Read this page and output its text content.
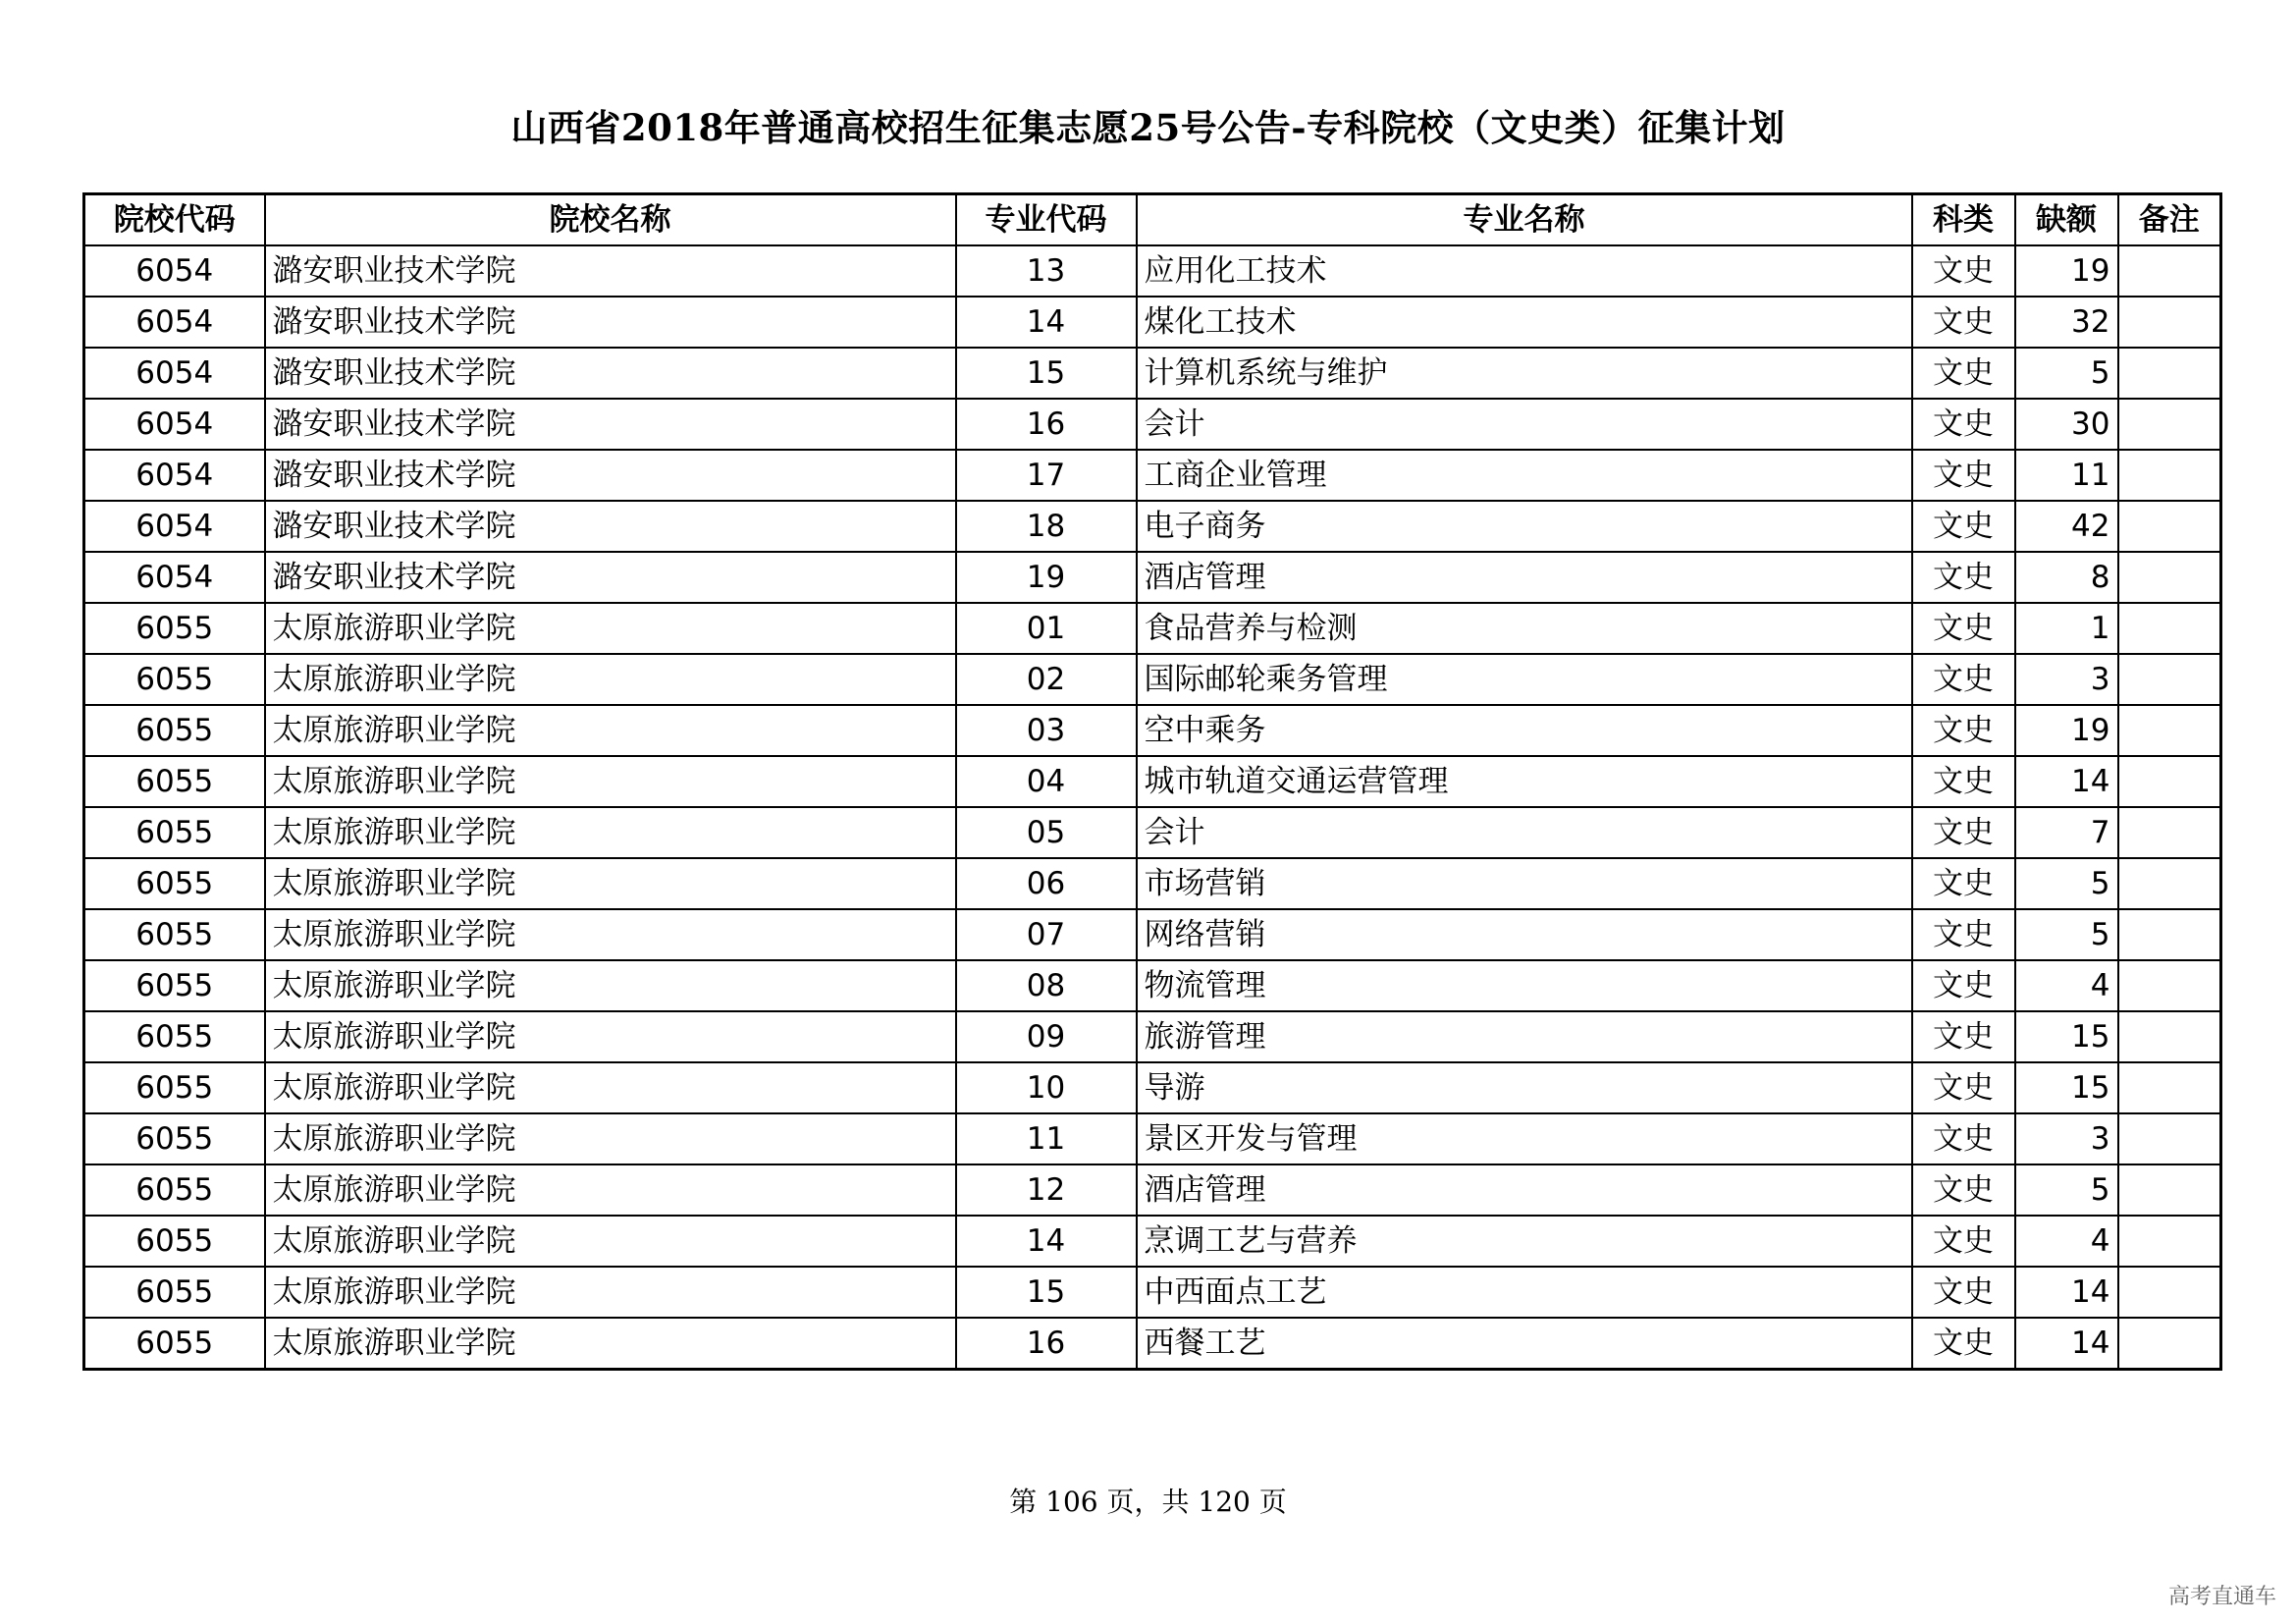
山西省2018年普通高校招生征集志愿25号公告-专科院校（文史类）征集计划
院校代码	院校名称	专业代码	专业名称	科类	缺额	备注
6054	潞安职业技术学院	13	应用化工技术	文史	19	
6054	潞安职业技术学院	14	煤化工技术	文史	32	
6054	潞安职业技术学院	15	计算机系统与维护	文史	5	
6054	潞安职业技术学院	16	会计	文史	30	
6054	潞安职业技术学院	17	工商企业管理	文史	11	
6054	潞安职业技术学院	18	电子商务	文史	42	
6054	潞安职业技术学院	19	酒店管理	文史	8	
6055	太原旅游职业学院	01	食品营养与检测	文史	1	
6055	太原旅游职业学院	02	国际邮轮乘务管理	文史	3	
6055	太原旅游职业学院	03	空中乘务	文史	19	
6055	太原旅游职业学院	04	城市轨道交通运营管理	文史	14	
6055	太原旅游职业学院	05	会计	文史	7	
6055	太原旅游职业学院	06	市场营销	文史	5	
6055	太原旅游职业学院	07	网络营销	文史	5	
6055	太原旅游职业学院	08	物流管理	文史	4	
6055	太原旅游职业学院	09	旅游管理	文史	15	
6055	太原旅游职业学院	10	导游	文史	15	
6055	太原旅游职业学院	11	景区开发与管理	文史	3	
6055	太原旅游职业学院	12	酒店管理	文史	5	
6055	太原旅游职业学院	14	烹调工艺与营养	文史	4	
6055	太原旅游职业学院	15	中西面点工艺	文史	14	
6055	太原旅游职业学院	16	西餐工艺	文史	14	
第 106 页，共 120 页
高考直通车
